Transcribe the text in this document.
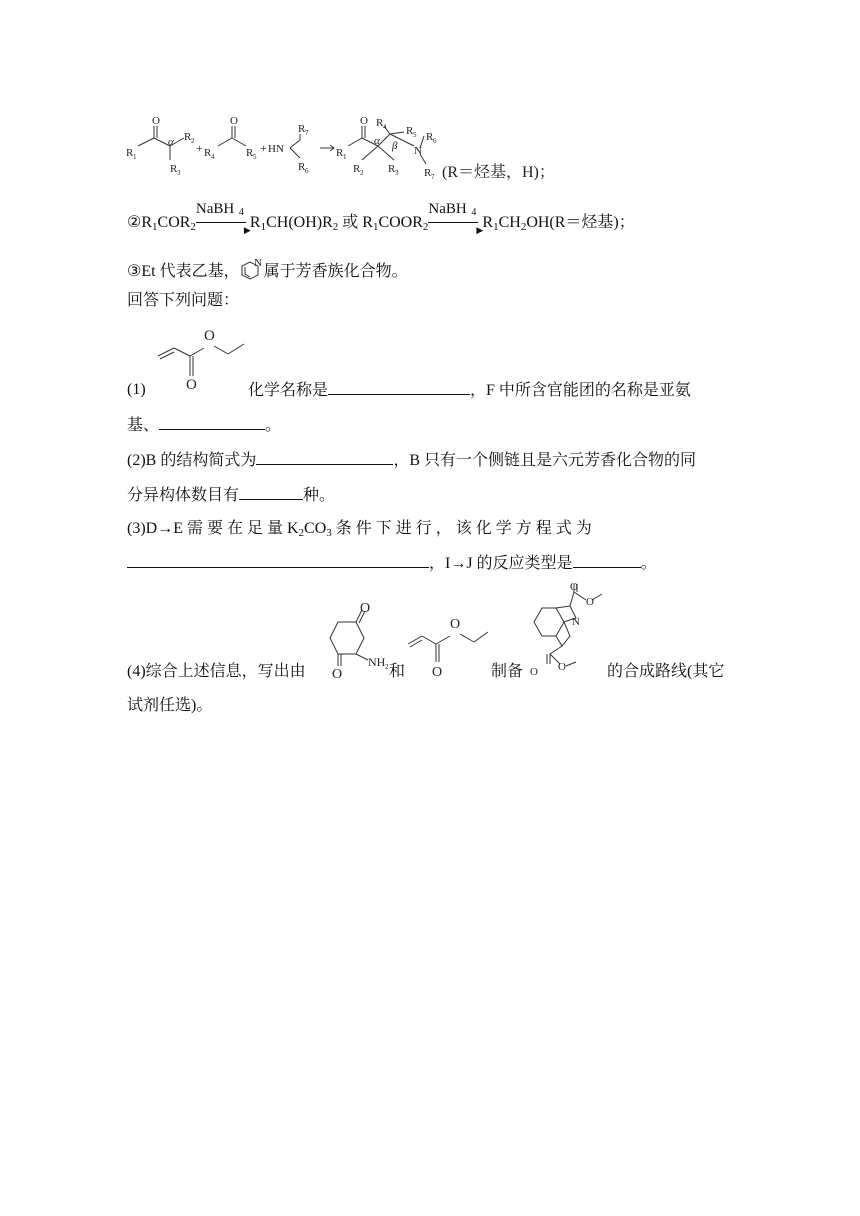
R 1
O
α R 2
R 3
+ R 4
O
R 5
+ HN
R 7
R 6
R 1
O
α β
R 2 R 3
R 4 R 5
N
R 6
R 7 (R＝烃基，H)；
$②R_1COR_2$
NaBH 4
▶ $R_1CH(OH)R_2$ 或 $R_1COOR_2$
NaBH 4
▶ $R_1CH_2OH(R=$烃基)；
③Et 代表乙基， N 属于芳香族化合物。
回答下列问题：
O
O
(1)	化学名称是	，F 中所含官能团的名称是亚氨
基、	。
(2)B 的结构简式为	，B 只有一个侧链且是六元芳香化合物的同
分异构体数目有	种。
(3)D→E 需 要 在 足 量 $K_2CO_3$ 条 件 下 进 行 ， 该 化 学 方 程 式 为
，I→J 的反应类型是	。
O
O
NH 2
O
O
O
O
N
O O
(4)综合上述信息，写出由	和	制备	的合成路线(其它
试剂任选)。
